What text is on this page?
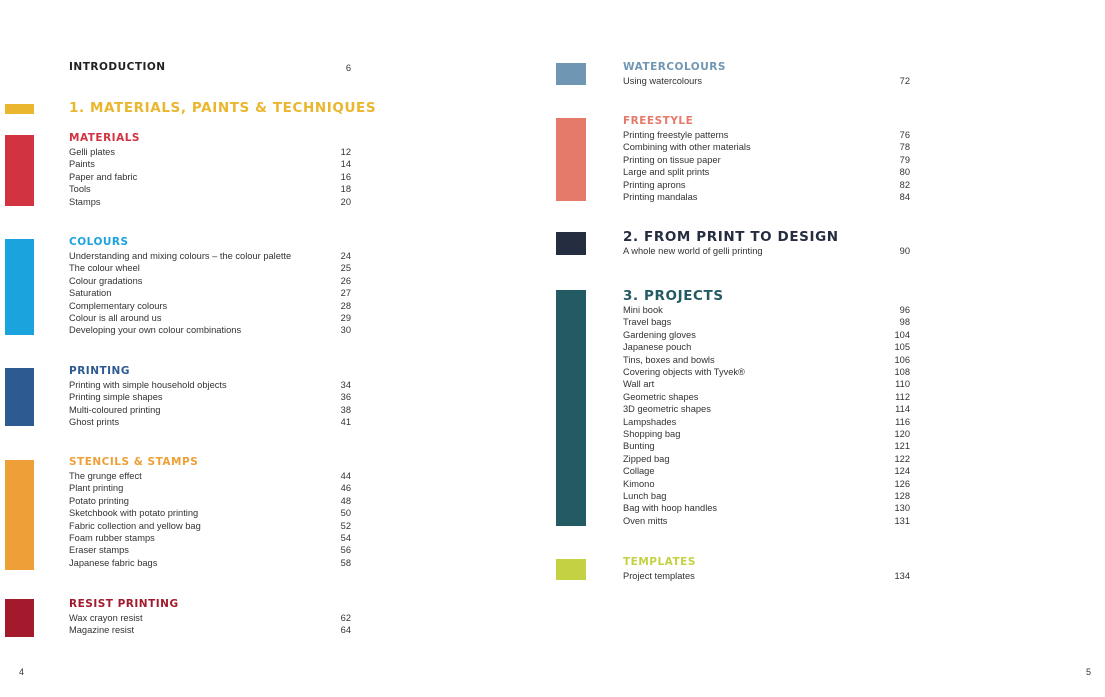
INTRODUCTION	6
1. MATERIALS, PAINTS & TECHNIQUES
MATERIALS
Gelli plates	12
Paints	14
Paper and fabric	16
Tools	18
Stamps	20
COLOURS
Understanding and mixing colours – the colour palette	24
The colour wheel	25
Colour gradations	26
Saturation	27
Complementary colours	28
Colour is all around us	29
Developing your own colour combinations	30
PRINTING
Printing with simple household objects	34
Printing simple shapes	36
Multi-coloured printing	38
Ghost prints	41
STENCILS & STAMPS
The grunge effect	44
Plant printing	46
Potato printing	48
Sketchbook with potato printing	50
Fabric collection and yellow bag	52
Foam rubber stamps	54
Eraser stamps	56
Japanese fabric bags	58
RESIST PRINTING
Wax crayon resist	62
Magazine resist	64
4
WATERCOLOURS
Using watercolours	72
FREESTYLE
Printing freestyle patterns	76
Combining with other materials	78
Printing on tissue paper	79
Large and split prints	80
Printing aprons	82
Printing mandalas	84
2. FROM PRINT TO DESIGN
A whole new world of gelli printing	90
3. PROJECTS
Mini book	96
Travel bags	98
Gardening gloves	104
Japanese pouch	105
Tins, boxes and bowls	106
Covering objects with Tyvek®	108
Wall art	110
Geometric shapes	112
3D geometric shapes	114
Lampshades	116
Shopping bag	120
Bunting	121
Zipped bag	122
Collage	124
Kimono	126
Lunch bag	128
Bag with hoop handles	130
Oven mitts	131
TEMPLATES
Project templates	134
5
